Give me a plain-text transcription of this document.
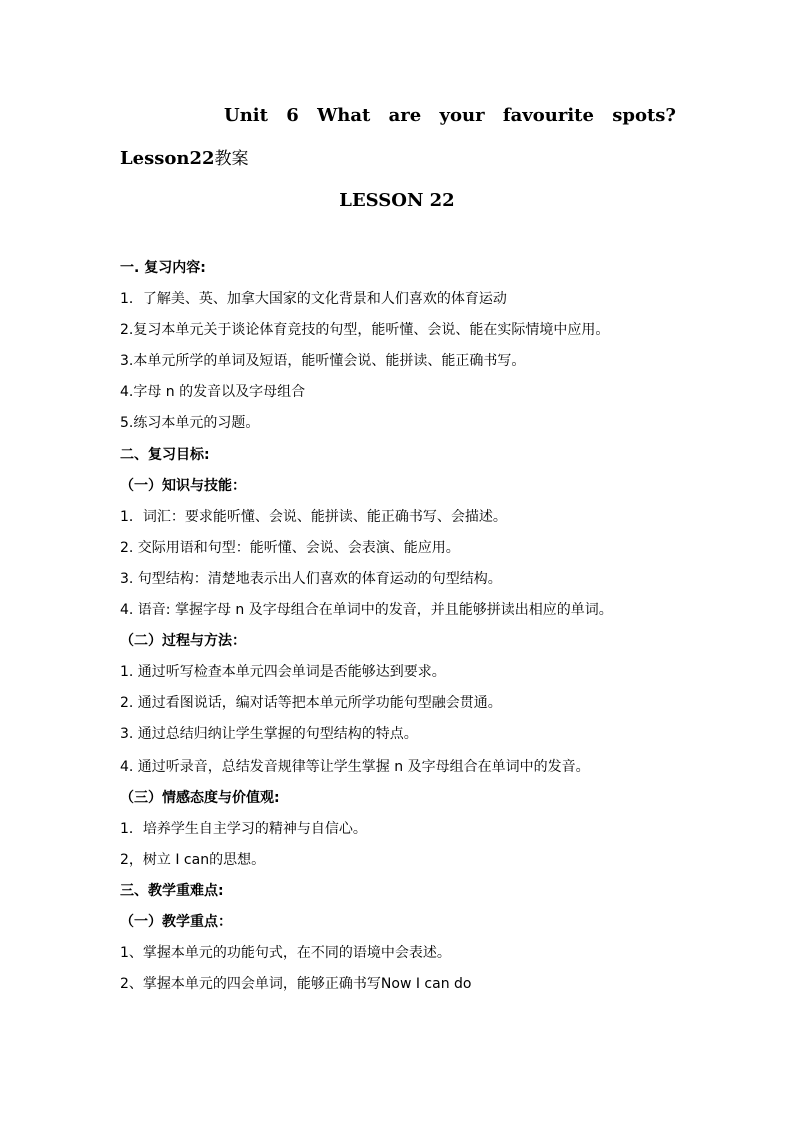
Unit 6 What are your favourite spots?
Lesson22教案
LESSON 22
一. 复习内容:
1．了解美、英、加拿大国家的文化背景和人们喜欢的体育运动
2.复习本单元关于谈论体育竞技的句型，能听懂、会说、能在实际情境中应用。
3.本单元所学的单词及短语，能听懂会说、能拼读、能正确书写。
4.字母 n 的发音以及字母组合
5.练习本单元的习题。
二、复习目标:
（一）知识与技能：
1．词汇：要求能听懂、会说、能拼读、能正确书写、会描述。
2. 交际用语和句型：能听懂、会说、会表演、能应用。
3. 句型结构：清楚地表示出人们喜欢的体育运动的句型结构。
4. 语音: 掌握字母 n 及字母组合在单词中的发音，并且能够拼读出相应的单词。
（二）过程与方法：
1. 通过听写检查本单元四会单词是否能够达到要求。
2. 通过看图说话，编对话等把本单元所学功能句型融会贯通。
3. 通过总结归纳让学生掌握的句型结构的特点。
4. 通过听录音，总结发音规律等让学生掌握 n 及字母组合在单词中的发音。
（三）情感态度与价值观:
1．培养学生自主学习的精神与自信心。
2，树立 I can的思想。
三、教学重难点:
（一）教学重点：
1、掌握本单元的功能句式，在不同的语境中会表述。
2、掌握本单元的四会单词，能够正确书写Now I can do
